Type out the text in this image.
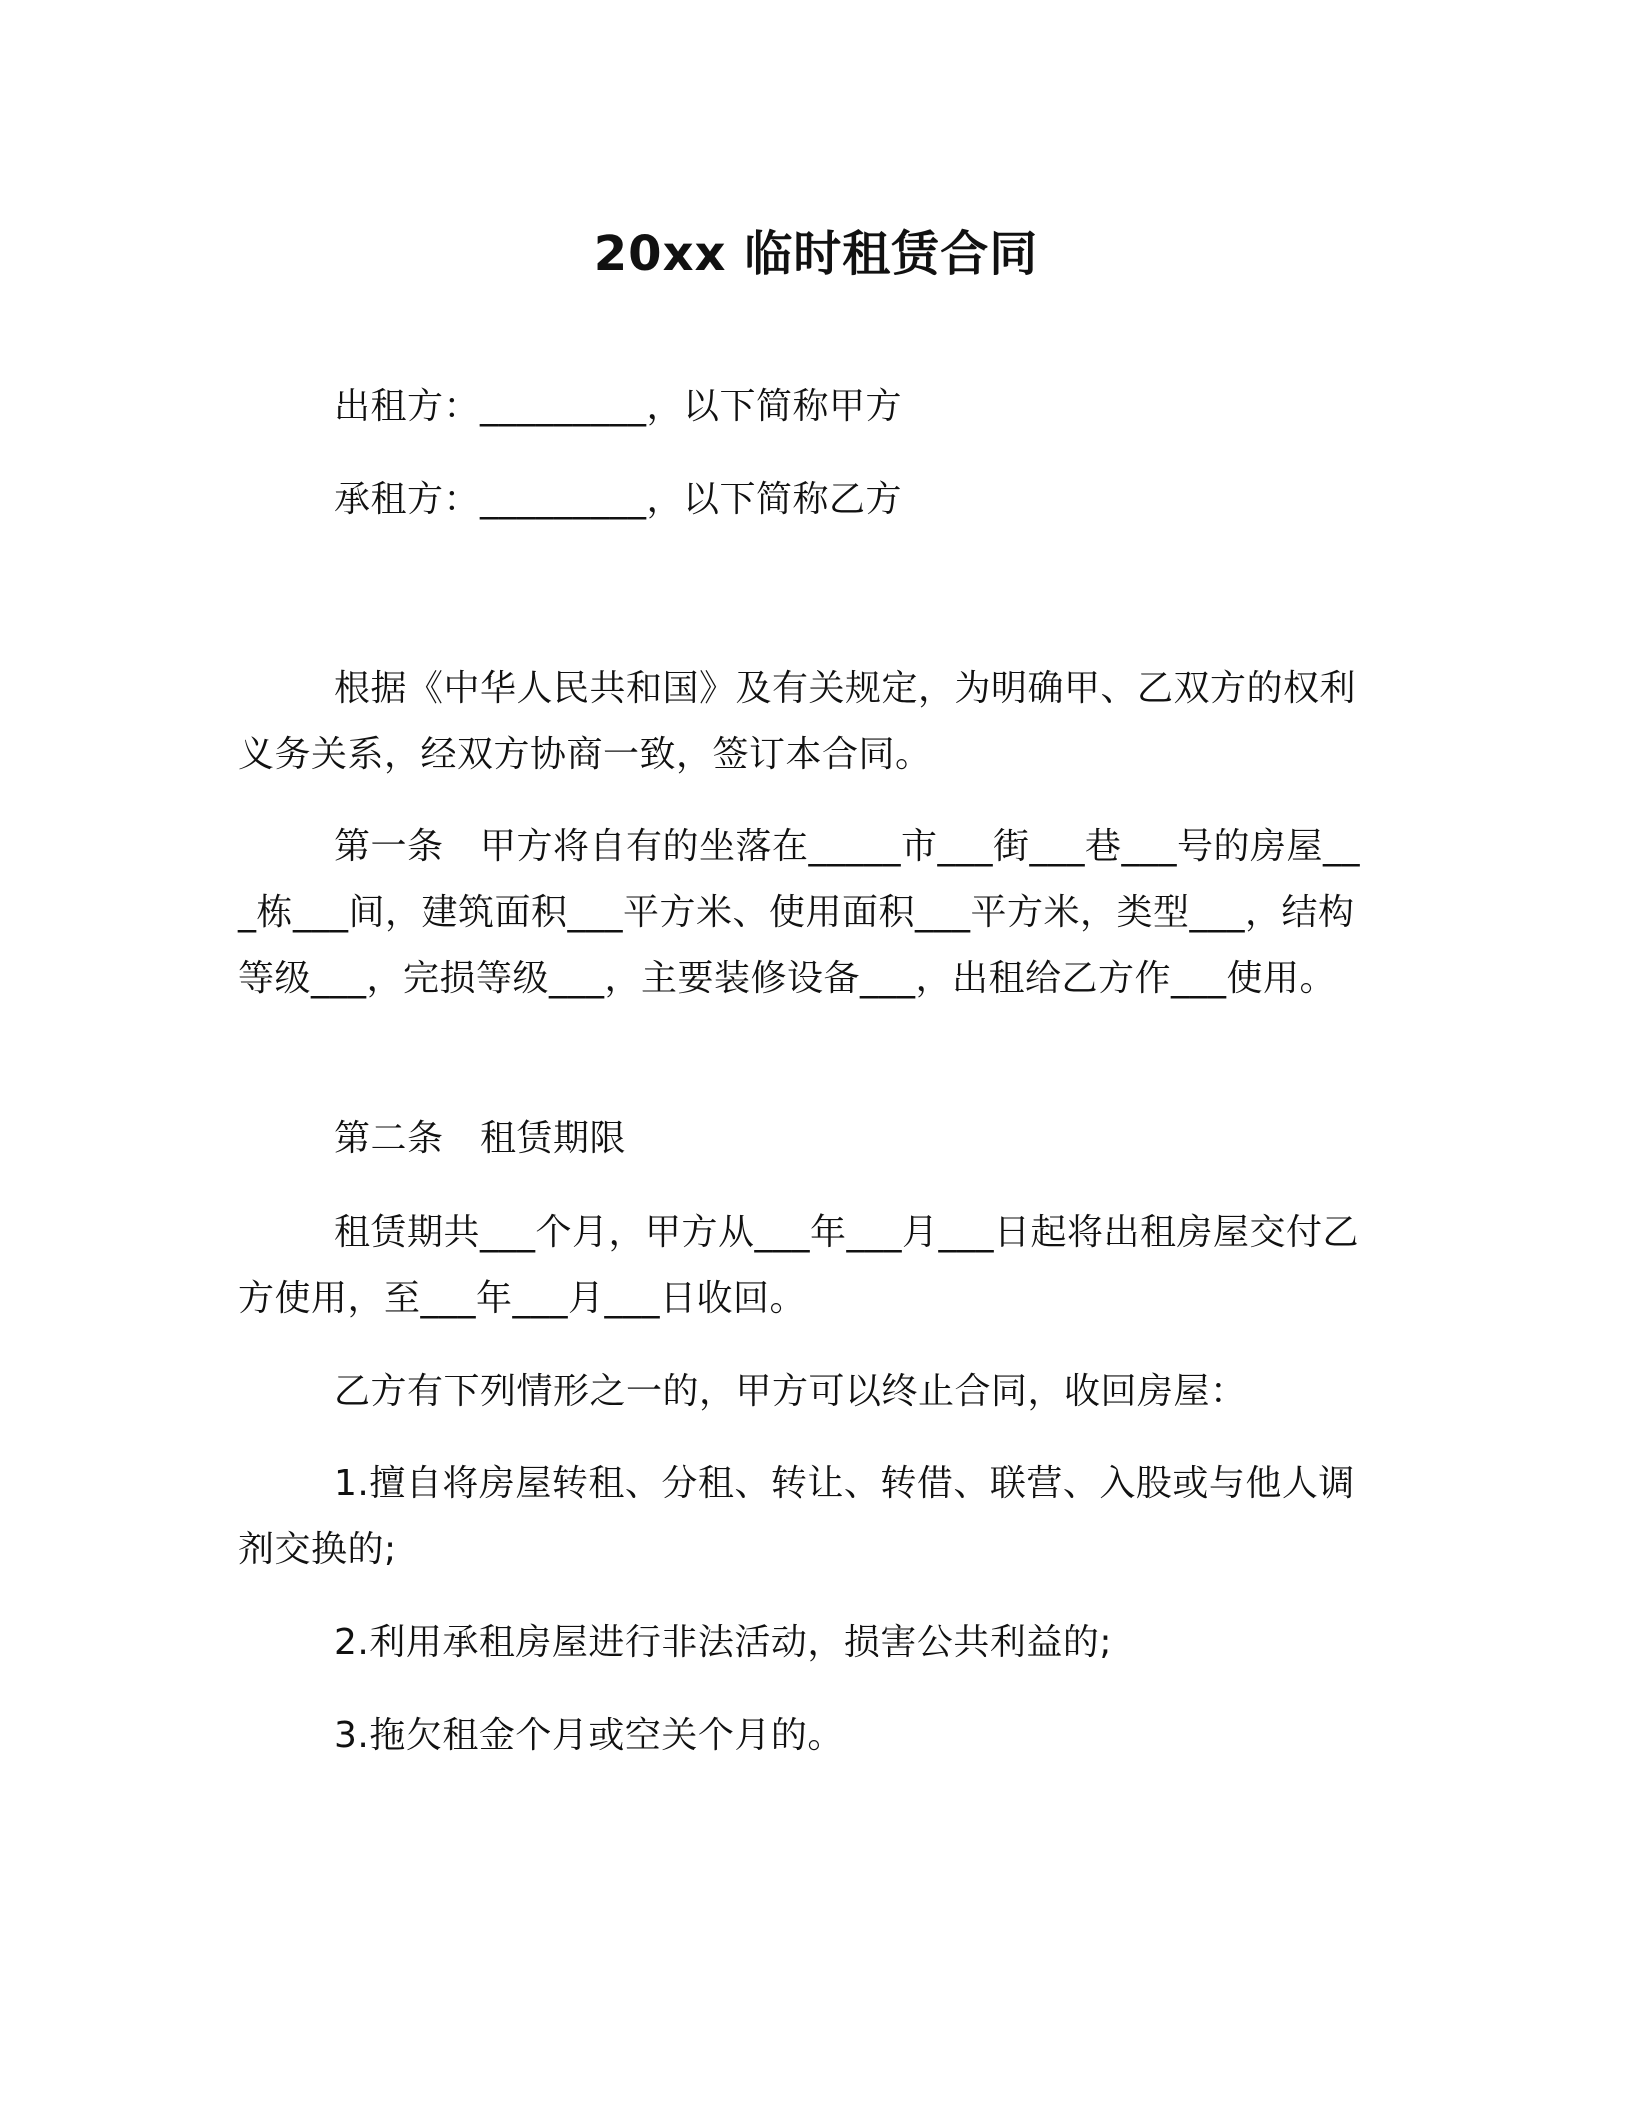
20xx 临时租赁合同
出租方：_________，以下简称甲方
承租方：_________，以下简称乙方
根据《中华人民共和国》及有关规定，为明确甲、乙双方的权利义务关系，经双方协商一致，签订本合同。
第一条　甲方将自有的坐落在_____市___街___巷___号的房屋___栋___间，建筑面积___平方米、使用面积___平方米，类型___，结构等级___，完损等级___，主要装修设备___，出租给乙方作___使用。
第二条　租赁期限
租赁期共___个月，甲方从___年___月___日起将出租房屋交付乙方使用，至___年___月___日收回。
乙方有下列情形之一的，甲方可以终止合同，收回房屋：
1.擅自将房屋转租、分租、转让、转借、联营、入股或与他人调剂交换的;
2.利用承租房屋进行非法活动，损害公共利益的;
3.拖欠租金个月或空关个月的。
